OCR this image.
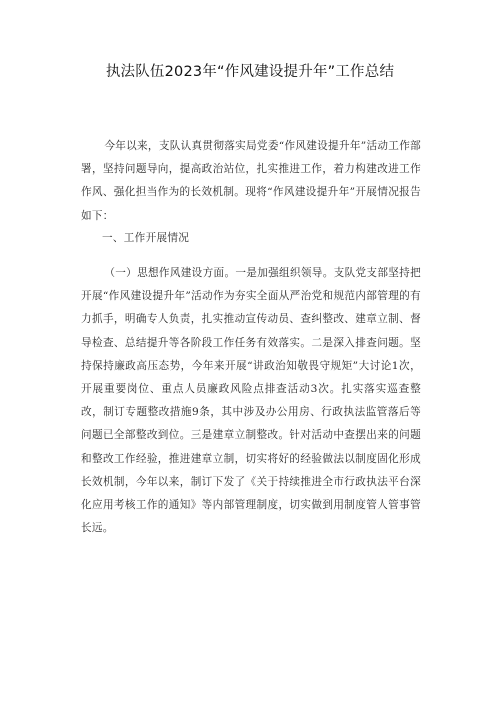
执法队伍2023年“作风建设提升年”工作总结

今年以来，支队认真贯彻落实局党委“作风建设提升年”活动工作部署，坚持问题导向，提高政治站位，扎实推进工作，着力构建改进工作作风、强化担当作为的长效机制。现将“作风建设提升年”开展情况报告如下：

一、工作开展情况

（一）思想作风建设方面。一是加强组织领导。支队党支部坚持把开展“作风建设提升年”活动作为夯实全面从严治党和规范内部管理的有力抓手，明确专人负责，扎实推动宣传动员、查纠整改、建章立制、督导检查、总结提升等各阶段工作任务有效落实。二是深入排查问题。坚持保持廉政高压态势，今年来开展“讲政治知敬畏守规矩”大讨论1次，开展重要岗位、重点人员廉政风险点排查活动3次。扎实落实巡查整改，制订专题整改措施9条，其中涉及办公用房、行政执法监管落后等问题已全部整改到位。三是建章立制整改。针对活动中查摆出来的问题和整改工作经验，推进建章立制，切实将好的经验做法以制度固化形成长效机制，今年以来，制订下发了《关于持续推进全市行政执法平台深化应用考核工作的通知》等内部管理制度，切实做到用制度管人管事管长远。
